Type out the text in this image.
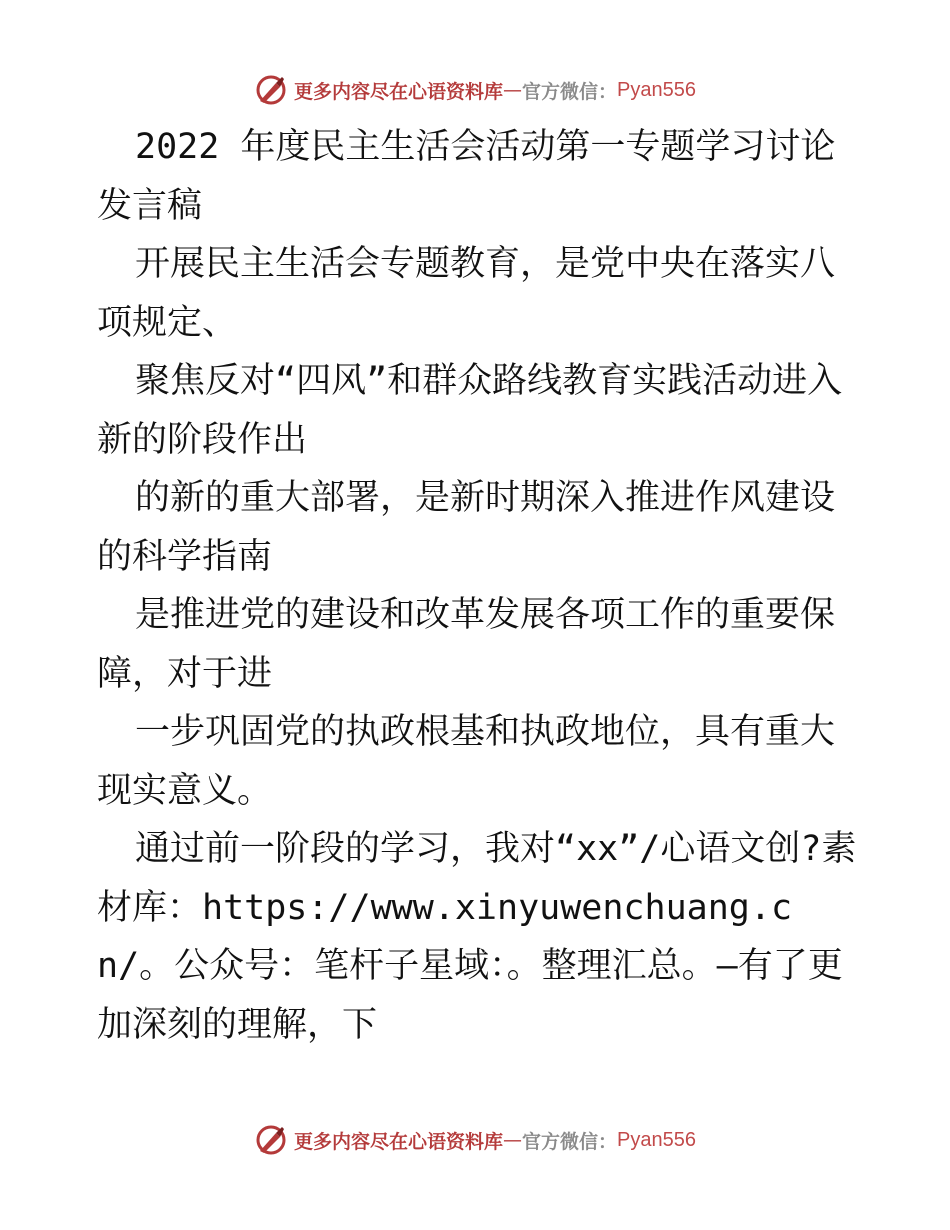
更多内容尽在心语资料库 — 官方微信： Pyan556

2022 年度民主生活会活动第一专题学习讨论发言稿

开展民主生活会专题教育，是党中央在落实八项规定、

聚焦反对“四风”和群众路线教育实践活动进入新的阶段作出

的新的重大部署，是新时期深入推进作风建设的科学指南

是推进党的建设和改革发展各项工作的重要保障，对于进

一步巩固党的执政根基和执政地位，具有重大现实意义。

通过前一阶段的学习，我对“xx”/心语文创?素材库：https://www.xinyuwenchuang.cn/。公众号：笔杆子星域：。整理汇总。—有了更加深刻的理解，下

更多内容尽在心语资料库 — 官方微信： Pyan556
